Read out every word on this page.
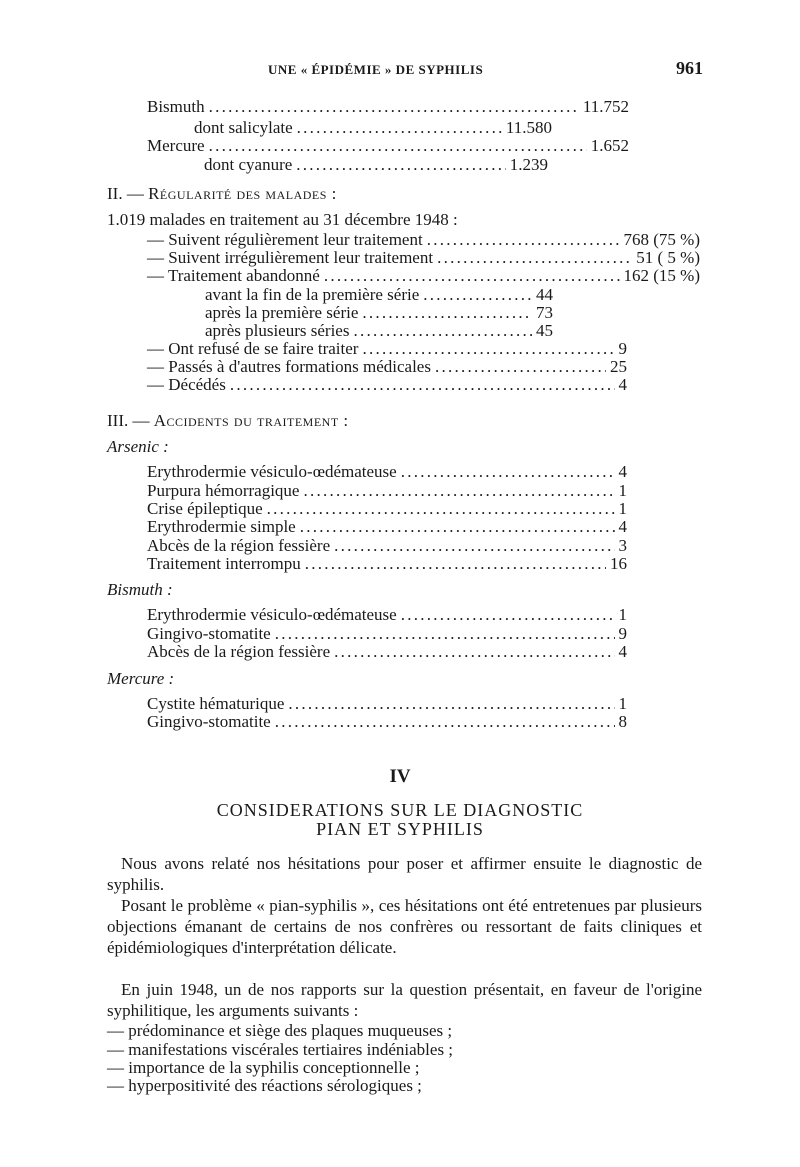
UNE « ÉPIDÉMIE » DE SYPHILIS	961
Bismuth . . .	11.752
dont salicylate . . .	11.580
Mercure . . .	1.652
dont cyanure . . .	1.239
II. — Régularité des malades :
1.019 malades en traitement au 31 décembre 1948 :
— Suivent régulièrement leur traitement . . .	768 (75 %)
— Suivent irrégulièrement leur traitement . . .	51 ( 5 %)
— Traitement abandonné . . .	162 (15 %)
avant la fin de la première série . . .	44
après la première série . . .	73
après plusieurs séries . . .	45
— Ont refusé de se faire traiter . . .	9
— Passés à d'autres formations médicales . . .	25
— Décédés . . .	4
III. — Accidents du traitement :
Arsenic :
Erythrodermie vésiculo-œdémateuse . . .	4
Purpura hémorragique . . .	1
Crise épileptique . . .	1
Erythrodermie simple . . .	4
Abcès de la région fessière . . .	3
Traitement interrompu . . .	16
Bismuth :
Erythrodermie vésiculo-œdémateuse . . .	1
Gingivo-stomatite . . .	9
Abcès de la région fessière . . .	4
Mercure :
Cystite hématurique . . .	1
Gingivo-stomatite . . .	8
IV
CONSIDERATIONS SUR LE DIAGNOSTIC
PIAN ET SYPHILIS
Nous avons relaté nos hésitations pour poser et affirmer ensuite le diagnostic de syphilis.
Posant le problème « pian-syphilis », ces hésitations ont été entretenues par plusieurs objections émanant de certains de nos confrères ou ressortant de faits cliniques et épidémiologiques d'interprétation délicate.
En juin 1948, un de nos rapports sur la question présentait, en faveur de l'origine syphilitique, les arguments suivants :
— prédominance et siège des plaques muqueuses ;
— manifestations viscérales tertiaires indéniables ;
— importance de la syphilis conceptionnelle ;
— hyperpositivité des réactions sérologiques ;
